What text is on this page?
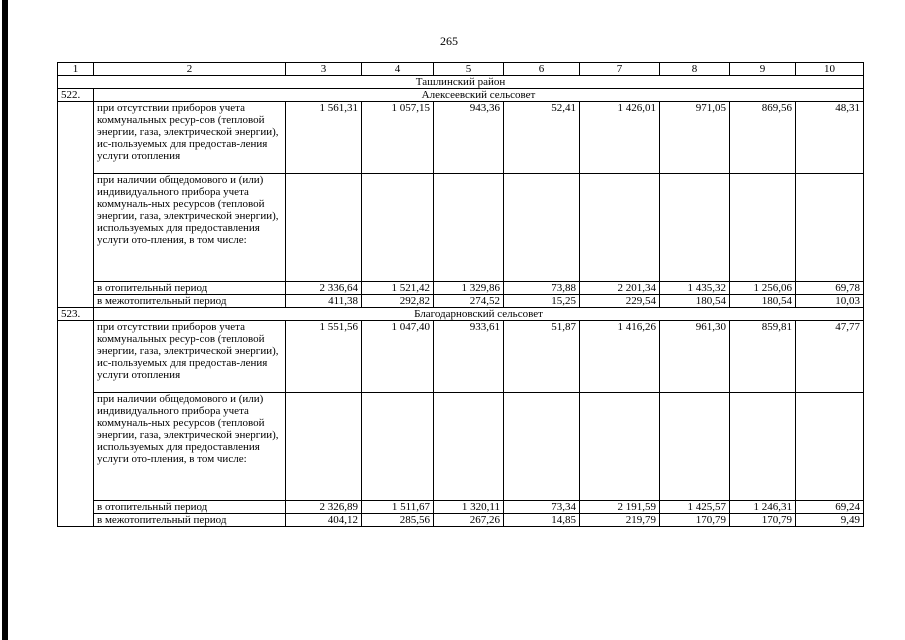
265
1	2	3	4	5	6	7	8	9	10
Ташлинский район									
522.	Алексеевский сельсовет								
	при отсутствии приборов учета коммунальных ресур-сов (тепловой энергии, газа, электрической энергии), ис-пользуемых для предостав-ления услуги отопления	1 561,31	1 057,15	943,36	52,41	1 426,01	971,05	869,56	48,31
	при наличии общедомового и (или) индивидуального прибора учета коммуналь-ных ресурсов (тепловой энергии, газа, электрической энергии), используемых для предоставления услуги ото-пления, в том числе:								
	в отопительный период	2 336,64	1 521,42	1 329,86	73,88	2 201,34	1 435,32	1 256,06	69,78
	в межотопительный период	411,38	292,82	274,52	15,25	229,54	180,54	180,54	10,03
523.	Благодарновский сельсовет								
	при отсутствии приборов учета коммунальных ресур-сов (тепловой энергии, газа, электрической энергии), ис-пользуемых для предостав-ления услуги отопления	1 551,56	1 047,40	933,61	51,87	1 416,26	961,30	859,81	47,77
	при наличии общедомового и (или) индивидуального прибора учета коммуналь-ных ресурсов (тепловой энергии, газа, электрической энергии), используемых для предоставления услуги ото-пления, в том числе:								
	в отопительный период	2 326,89	1 511,67	1 320,11	73,34	2 191,59	1 425,57	1 246,31	69,24
	в межотопительный период	404,12	285,56	267,26	14,85	219,79	170,79	170,79	9,49
